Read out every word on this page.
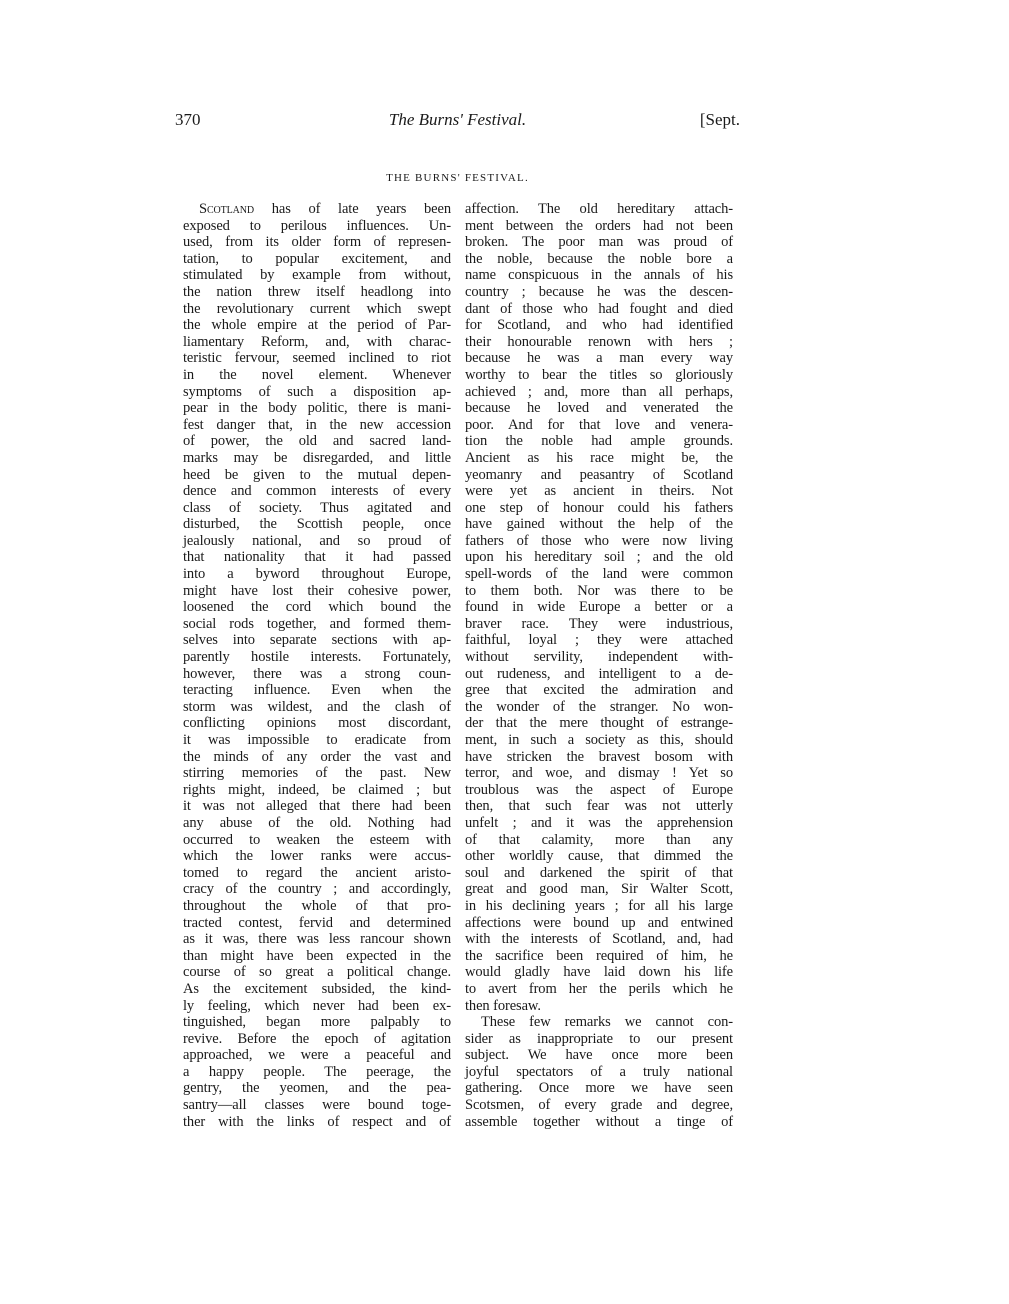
370	The Burns' Festival.	[Sept.
THE BURNS' FESTIVAL.
Scotland has of late years been
exposed to perilous influences. Un-
used, from its older form of represen-
tation, to popular excitement, and
stimulated by example from without,
the nation threw itself headlong into
the revolutionary current which swept
the whole empire at the period of Par-
liamentary Reform, and, with charac-
teristic fervour, seemed inclined to riot
in the novel element. Whenever
symptoms of such a disposition ap-
pear in the body politic, there is mani-
fest danger that, in the new accession
of power, the old and sacred land-
marks may be disregarded, and little
heed be given to the mutual depen-
dence and common interests of every
class of society. Thus agitated and
disturbed, the Scottish people, once
jealously national, and so proud of
that nationality that it had passed
into a byword throughout Europe,
might have lost their cohesive power,
loosened the cord which bound the
social rods together, and formed them-
selves into separate sections with ap-
parently hostile interests. Fortunately,
however, there was a strong coun-
teracting influence. Even when the
storm was wildest, and the clash of
conflicting opinions most discordant,
it was impossible to eradicate from
the minds of any order the vast and
stirring memories of the past. New
rights might, indeed, be claimed ; but
it was not alleged that there had been
any abuse of the old. Nothing had
occurred to weaken the esteem with
which the lower ranks were accus-
tomed to regard the ancient aristo-
cracy of the country ; and accordingly,
throughout the whole of that pro-
tracted contest, fervid and determined
as it was, there was less rancour shown
than might have been expected in the
course of so great a political change.
As the excitement subsided, the kind-
ly feeling, which never had been ex-
tinguished, began more palpably to
revive. Before the epoch of agitation
approached, we were a peaceful and
a happy people. The peerage, the
gentry, the yeomen, and the pea-
santry—all classes were bound toge-
ther with the links of respect and of
affection. The old hereditary attach-
ment between the orders had not been
broken. The poor man was proud of
the noble, because the noble bore a
name conspicuous in the annals of his
country ; because he was the descen-
dant of those who had fought and died
for Scotland, and who had identified
their honourable renown with hers ;
because he was a man every way
worthy to bear the titles so gloriously
achieved ; and, more than all perhaps,
because he loved and venerated the
poor. And for that love and venera-
tion the noble had ample grounds.
Ancient as his race might be, the
yeomanry and peasantry of Scotland
were yet as ancient in theirs. Not
one step of honour could his fathers
have gained without the help of the
fathers of those who were now living
upon his hereditary soil ; and the old
spell-words of the land were common
to them both. Nor was there to be
found in wide Europe a better or a
braver race. They were industrious,
faithful, loyal ; they were attached
without servility, independent with-
out rudeness, and intelligent to a de-
gree that excited the admiration and
the wonder of the stranger. No won-
der that the mere thought of estrange-
ment, in such a society as this, should
have stricken the bravest bosom with
terror, and woe, and dismay ! Yet so
troublous was the aspect of Europe
then, that such fear was not utterly
unfelt ; and it was the apprehension
of that calamity, more than any
other worldly cause, that dimmed the
soul and darkened the spirit of that
great and good man, Sir Walter Scott,
in his declining years ; for all his large
affections were bound up and entwined
with the interests of Scotland, and, had
the sacrifice been required of him, he
would gladly have laid down his life
to avert from her the perils which he
then foresaw.
These few remarks we cannot con-
sider as inappropriate to our present
subject. We have once more been
joyful spectators of a truly national
gathering. Once more we have seen
Scotsmen, of every grade and degree,
assemble together without a tinge of
